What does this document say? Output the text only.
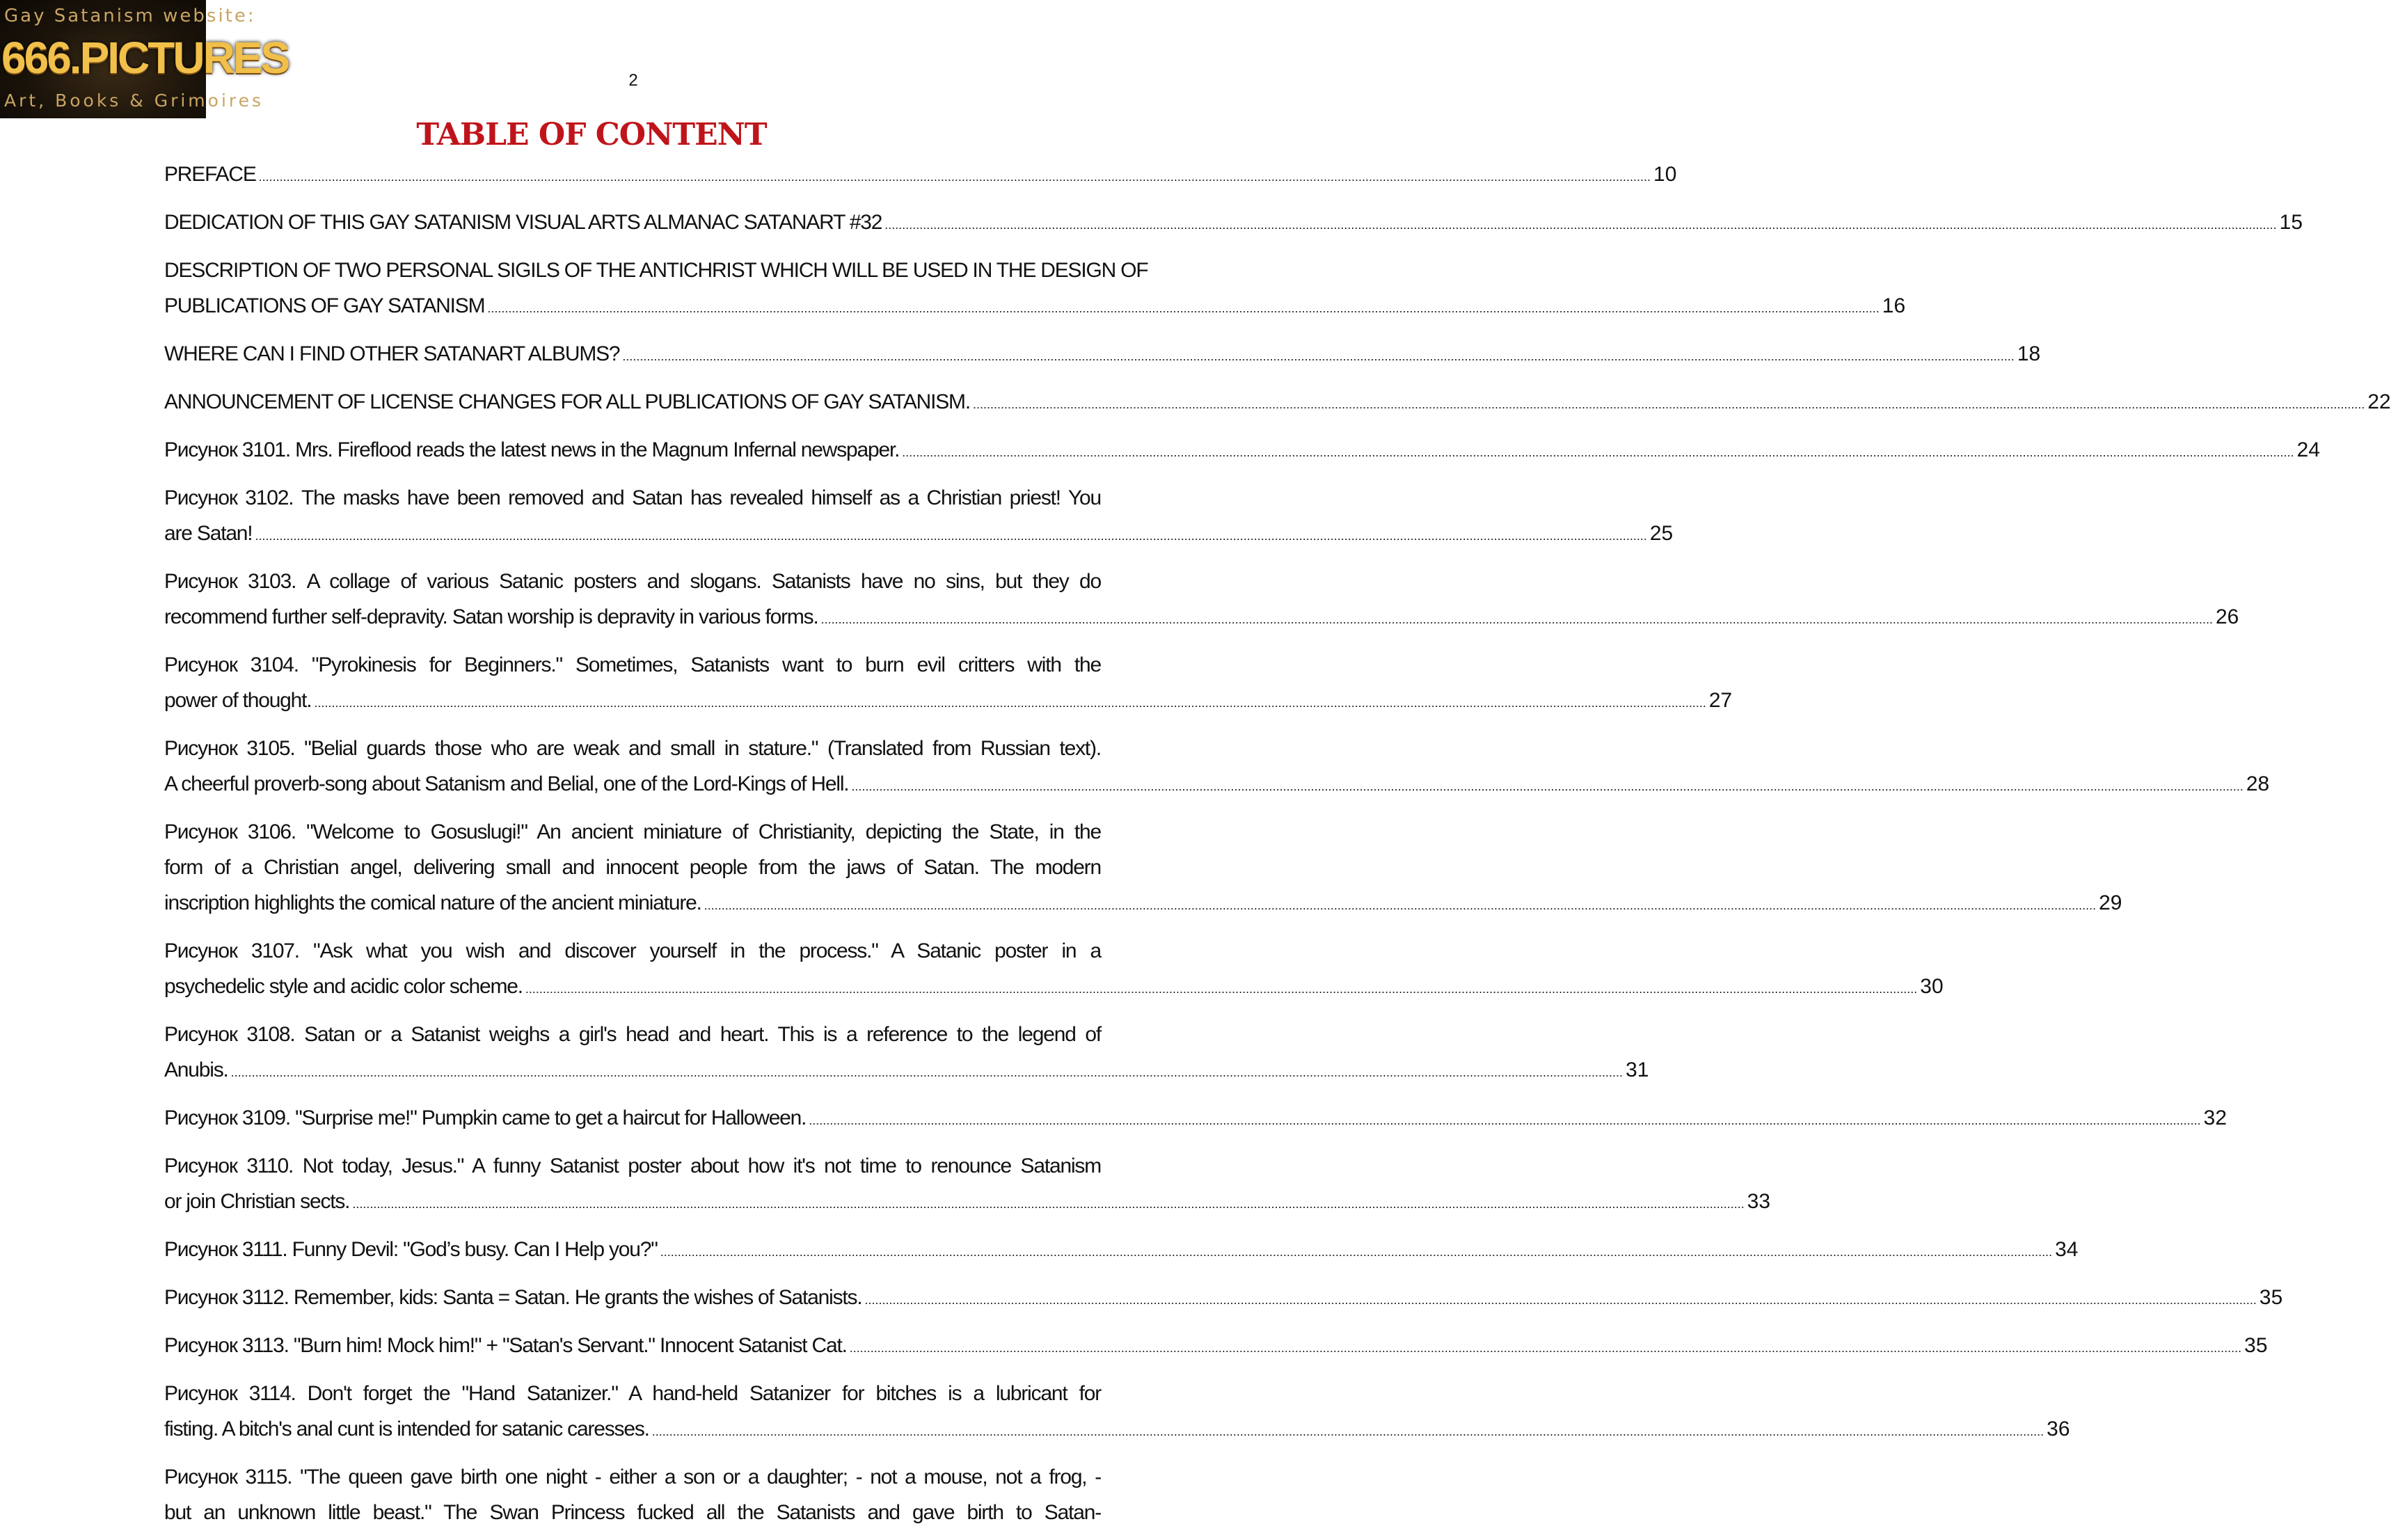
Gay Satanism website:
666.PICTURES
Art, Books & Grimoires
2
TABLE OF CONTENT
PREFACE ................................................................................................................................................................................................................................................................................................................................................................................................................ 10
DEDICATION OF THIS GAY SATANISM VISUAL ARTS ALMANAC SATANART #32 ................................................................................................................................................................................................................................................................................................................................................................................................................ 15
DESCRIPTION OF TWO PERSONAL SIGILS OF THE ANTICHRIST WHICH WILL BE USED IN THE DESIGN OF
PUBLICATIONS OF GAY SATANISM ................................................................................................................................................................................................................................................................................................................................................................................................................ 16
WHERE CAN I FIND OTHER SATANART ALBUMS? ................................................................................................................................................................................................................................................................................................................................................................................................................ 18
ANNOUNCEMENT OF LICENSE CHANGES FOR ALL PUBLICATIONS OF GAY SATANISM. ................................................................................................................................................................................................................................................................................................................................................................................................................ 22
Рисунок 3101. Mrs. Fireflood reads the latest news in the Magnum Infernal newspaper. ................................................................................................................................................................................................................................................................................................................................................................................................................ 24
Рисунок 3102. The masks have been removed and Satan has revealed himself as a Christian priest! You
are Satan! ................................................................................................................................................................................................................................................................................................................................................................................................................ 25
Рисунок 3103. A collage of various Satanic posters and slogans. Satanists have no sins, but they do
recommend further self-depravity. Satan worship is depravity in various forms. ................................................................................................................................................................................................................................................................................................................................................................................................................ 26
Рисунок 3104. "Pyrokinesis for Beginners." Sometimes, Satanists want to burn evil critters with the
power of thought. ................................................................................................................................................................................................................................................................................................................................................................................................................ 27
Рисунок 3105. "Belial guards those who are weak and small in stature." (Translated from Russian text).
A cheerful proverb-song about Satanism and Belial, one of the Lord-Kings of Hell. ................................................................................................................................................................................................................................................................................................................................................................................................................ 28
Рисунок 3106. "Welcome to Gosuslugi!" An ancient miniature of Christianity, depicting the State, in the
form of a Christian angel, delivering small and innocent people from the jaws of Satan. The modern
inscription highlights the comical nature of the ancient miniature. ................................................................................................................................................................................................................................................................................................................................................................................................................ 29
Рисунок 3107. "Ask what you wish and discover yourself in the process." A Satanic poster in a
psychedelic style and acidic color scheme. ................................................................................................................................................................................................................................................................................................................................................................................................................ 30
Рисунок 3108. Satan or a Satanist weighs a girl's head and heart. This is a reference to the legend of
Anubis. ................................................................................................................................................................................................................................................................................................................................................................................................................ 31
Рисунок 3109. "Surprise me!" Pumpkin came to get a haircut for Halloween. ................................................................................................................................................................................................................................................................................................................................................................................................................ 32
Рисунок 3110. Not today, Jesus." A funny Satanist poster about how it's not time to renounce Satanism
or join Christian sects. ................................................................................................................................................................................................................................................................................................................................................................................................................ 33
Рисунок 3111. Funny Devil: "God’s busy. Can I Help you?" ................................................................................................................................................................................................................................................................................................................................................................................................................ 34
Рисунок 3112. Remember, kids: Santa = Satan. He grants the wishes of Satanists. ................................................................................................................................................................................................................................................................................................................................................................................................................ 35
Рисунок 3113. "Burn him! Mock him!" + "Satan's Servant." Innocent Satanist Cat. ................................................................................................................................................................................................................................................................................................................................................................................................................ 35
Рисунок 3114. Don't forget the "Hand Satanizer." A hand-held Satanizer for bitches is a lubricant for
fisting. A bitch's anal cunt is intended for satanic caresses. ................................................................................................................................................................................................................................................................................................................................................................................................................ 36
Рисунок 3115. "The queen gave birth one night - either a son or a daughter; - not a mouse, not a frog, -
but an unknown little beast." The Swan Princess fucked all the Satanists and gave birth to Satan-
